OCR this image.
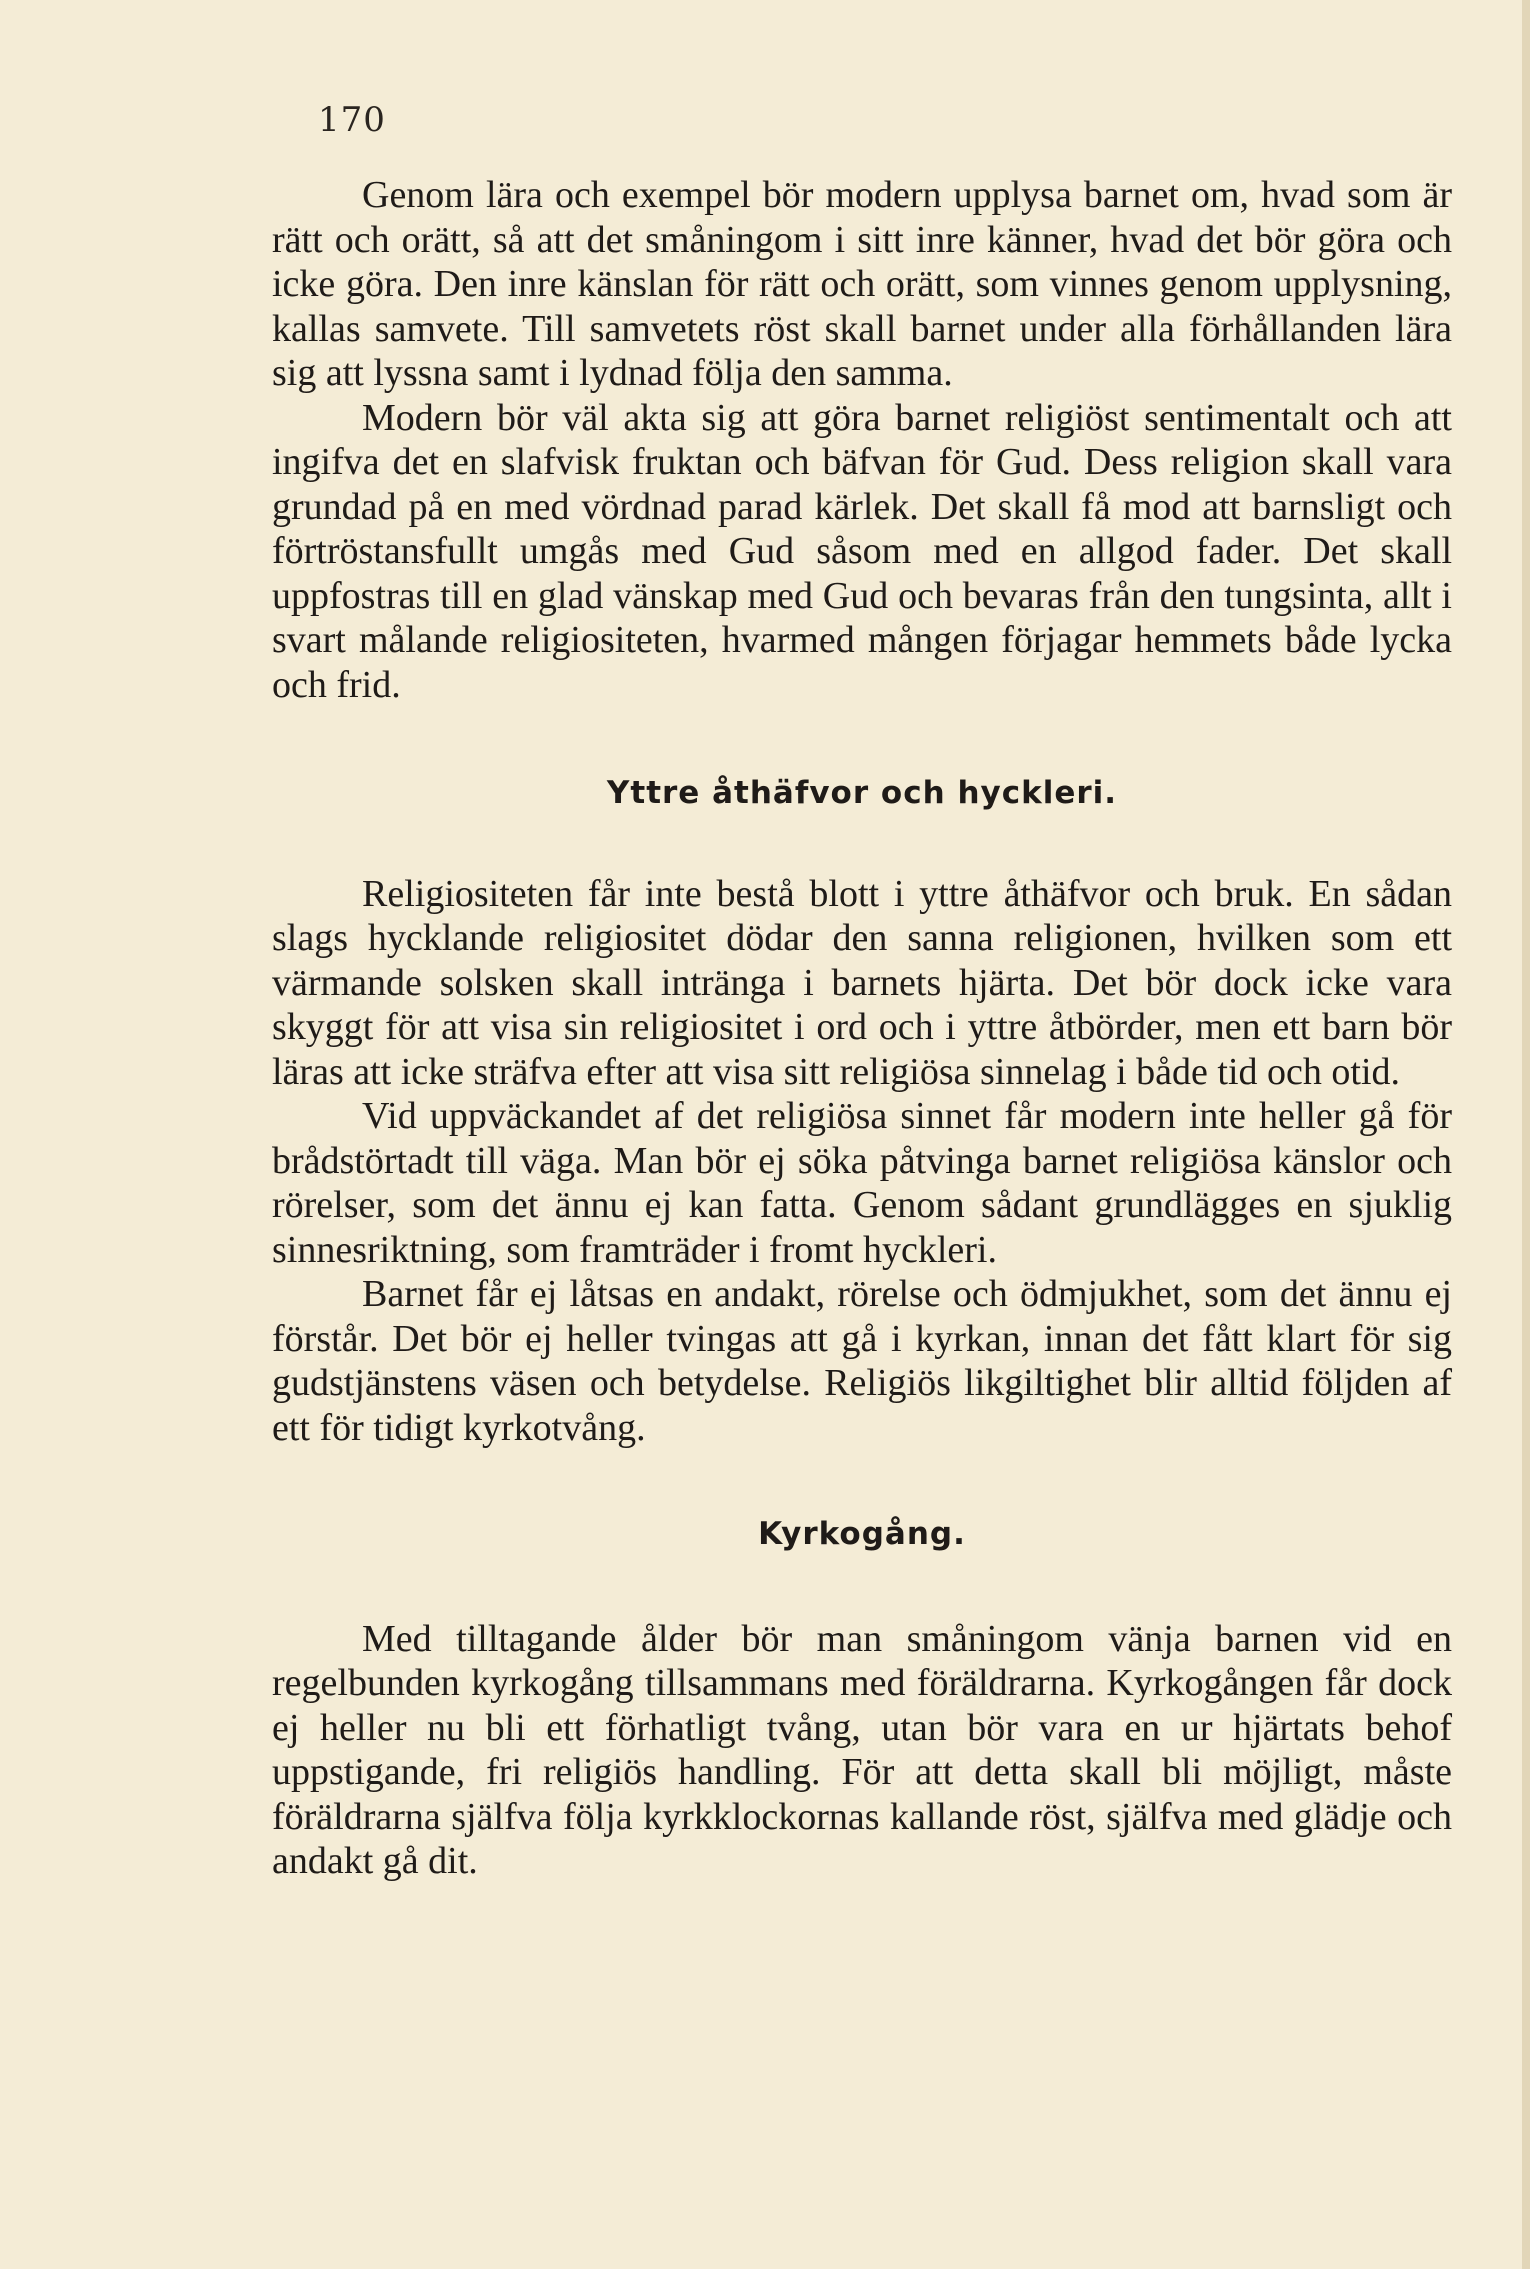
170

Genom lära och exempel bör modern upplysa barnet om, hvad som är rätt och orätt, så att det småningom i sitt inre känner, hvad det bör göra och icke göra. Den inre känslan för rätt och orätt, som vinnes genom upplysning, kallas samvete. Till samvetets röst skall barnet under alla förhållanden lära sig att lyssna samt i lydnad följa den samma.

Modern bör väl akta sig att göra barnet religiöst sentimentalt och att ingifva det en slafvisk fruktan och bäfvan för Gud. Dess religion skall vara grundad på en med vördnad parad kärlek. Det skall få mod att barnsligt och förtröstansfullt umgås med Gud såsom med en allgod fader. Det skall uppfostras till en glad vänskap med Gud och bevaras från den tungsinta, allt i svart målande religiositeten, hvarmed mången förjagar hemmets både lycka och frid.

Yttre åthäfvor och hyckleri.

Religiositeten får inte bestå blott i yttre åthäfvor och bruk. En sådan slags hycklande religiositet dödar den sanna religionen, hvilken som ett värmande solsken skall intränga i barnets hjärta. Det bör dock icke vara skyggt för att visa sin religiositet i ord och i yttre åtbörder, men ett barn bör läras att icke sträfva efter att visa sitt religiösa sinnelag i både tid och otid.

Vid uppväckandet af det religiösa sinnet får modern inte heller gå för brådstörtadt till väga. Man bör ej söka påtvinga barnet religiösa känslor och rörelser, som det ännu ej kan fatta. Genom sådant grundlägges en sjuklig sinnesriktning, som framträder i fromt hyckleri.

Barnet får ej låtsas en andakt, rörelse och ödmjukhet, som det ännu ej förstår. Det bör ej heller tvingas att gå i kyrkan, innan det fått klart för sig gudstjänstens väsen och betydelse. Religiös likgiltighet blir alltid följden af ett för tidigt kyrkotvång.

Kyrkogång.

Med tilltagande ålder bör man småningom vänja barnen vid en regelbunden kyrkogång tillsammans med föräldrarna. Kyrkogången får dock ej heller nu bli ett förhatligt tvång, utan bör vara en ur hjärtats behof uppstigande, fri religiös handling. För att detta skall bli möjligt, måste föräldrarna själfva följa kyrkklockornas kallande röst, själfva med glädje och andakt gå dit.
